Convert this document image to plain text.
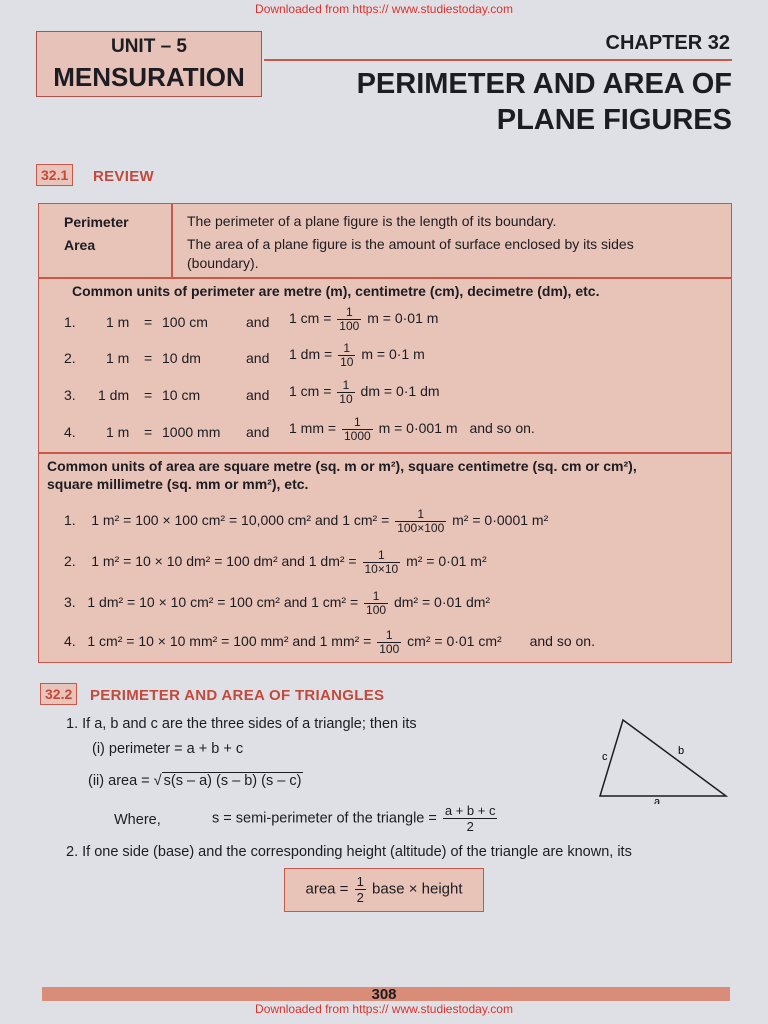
Downloaded from https:// www.studiestoday.com
UNIT – 5
MENSURATION
CHAPTER 32
PERIMETER AND AREA OF
PLANE FIGURES
32.1	REVIEW
Perimeter	The perimeter of a plane figure is the length of its boundary.
Area	The area of a plane figure is the amount of surface enclosed by its sides
(boundary).
Common units of perimeter are metre (m), centimetre (cm), decimetre (dm), etc.
1. 1 m = 100 cm	and 1 cm = $\frac{1}{100}$ m = 0·01 m
2. 1 m = 10 dm	and 1 dm = $\frac{1}{10}$ m = 0·1 m
3. 1 dm = 10 cm	and 1 cm = $\frac{1}{10}$ dm = 0·1 dm
4. 1 m = 1000 mm and 1 mm = $\frac{1}{1000}$ m = 0·001 m and so on.
Common units of area are square metre (sq. m or m²), square centimetre (sq. cm or cm²),
square millimetre (sq. mm or mm²), etc.
1. 1 m² = 100 × 100 cm² = 10,000 cm² and 1 $cm^2 = \frac{1}{100\times 100} m^2 = 0\cdot 0001$ m²
2. 1 m² = 10 × 10 dm² = 100 dm² and 1 $dm^2 = \frac{1}{10\times 10} m^2 = 0\cdot 01$ m²
3. 1 dm² = 10 × 10 cm² = 100 cm² and 1 $cm^2 = \frac{1}{100} dm^2 = 0\cdot 01$ dm²
4. 1 cm² = 10 × 10 mm² = 100 mm² and 1 $mm^2 = \frac{1}{100} cm^2 = 0\cdot 01$ cm² and so on.
32.2	PERIMETER AND AREA OF TRIANGLES
1. If a, b and c are the three sides of a triangle; then its
(i) perimeter = a + b + c
(ii) area = √ s(s – a) (s – b) (s – c)
Where,	s = semi-perimeter of the triangle = $\frac{a + b + c}{2}$
c	b
a
2. If one side (base) and the corresponding height (altitude) of the triangle are known, its
area = $\frac{1}{2}$ base × height
308
Downloaded from https:// www.studiestoday.com
